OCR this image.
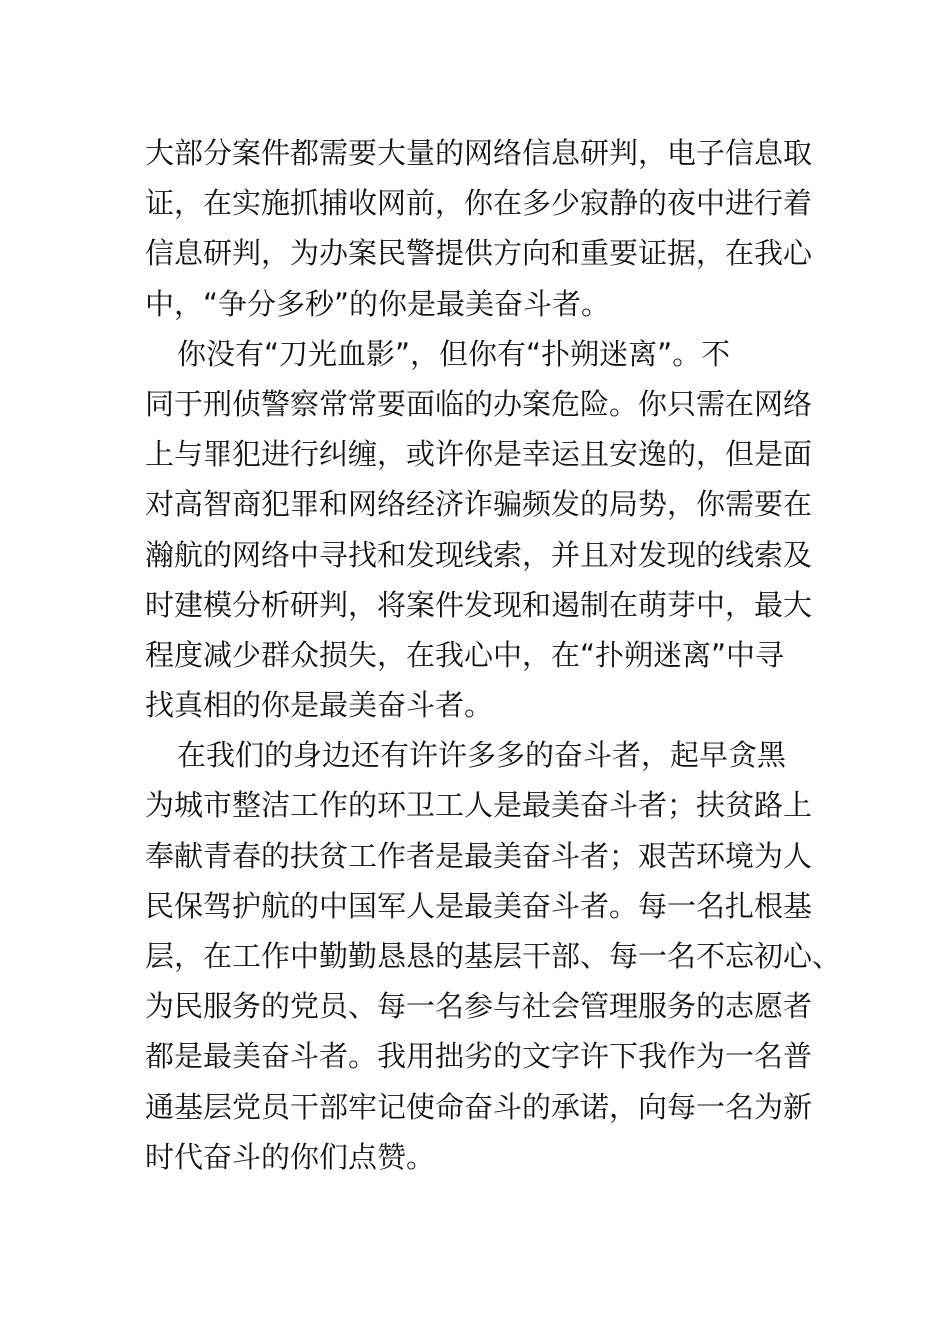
大部分案件都需要大量的网络信息研判，电子信息取
证，在实施抓捕收网前，你在多少寂静的夜中进行着
信息研判，为办案民警提供方向和重要证据，在我心
中，“争分多秒”的你是最美奋斗者。
你没有“刀光血影”，但你有“扑朔迷离”。不
同于刑侦警察常常要面临的办案危险。你只需在网络
上与罪犯进行纠缠，或许你是幸运且安逸的，但是面
对高智商犯罪和网络经济诈骗频发的局势，你需要在
瀚航的网络中寻找和发现线索，并且对发现的线索及
时建模分析研判，将案件发现和遏制在萌芽中，最大
程度减少群众损失，在我心中，在“扑朔迷离”中寻
找真相的你是最美奋斗者。
在我们的身边还有许许多多的奋斗者，起早贪黑
为城市整洁工作的环卫工人是最美奋斗者；扶贫路上
奉献青春的扶贫工作者是最美奋斗者；艰苦环境为人
民保驾护航的中国军人是最美奋斗者。每一名扎根基
层，在工作中勤勤恳恳的基层干部、每一名不忘初心、
为民服务的党员、每一名参与社会管理服务的志愿者
都是最美奋斗者。我用拙劣的文字许下我作为一名普
通基层党员干部牢记使命奋斗的承诺，向每一名为新
时代奋斗的你们点赞。
